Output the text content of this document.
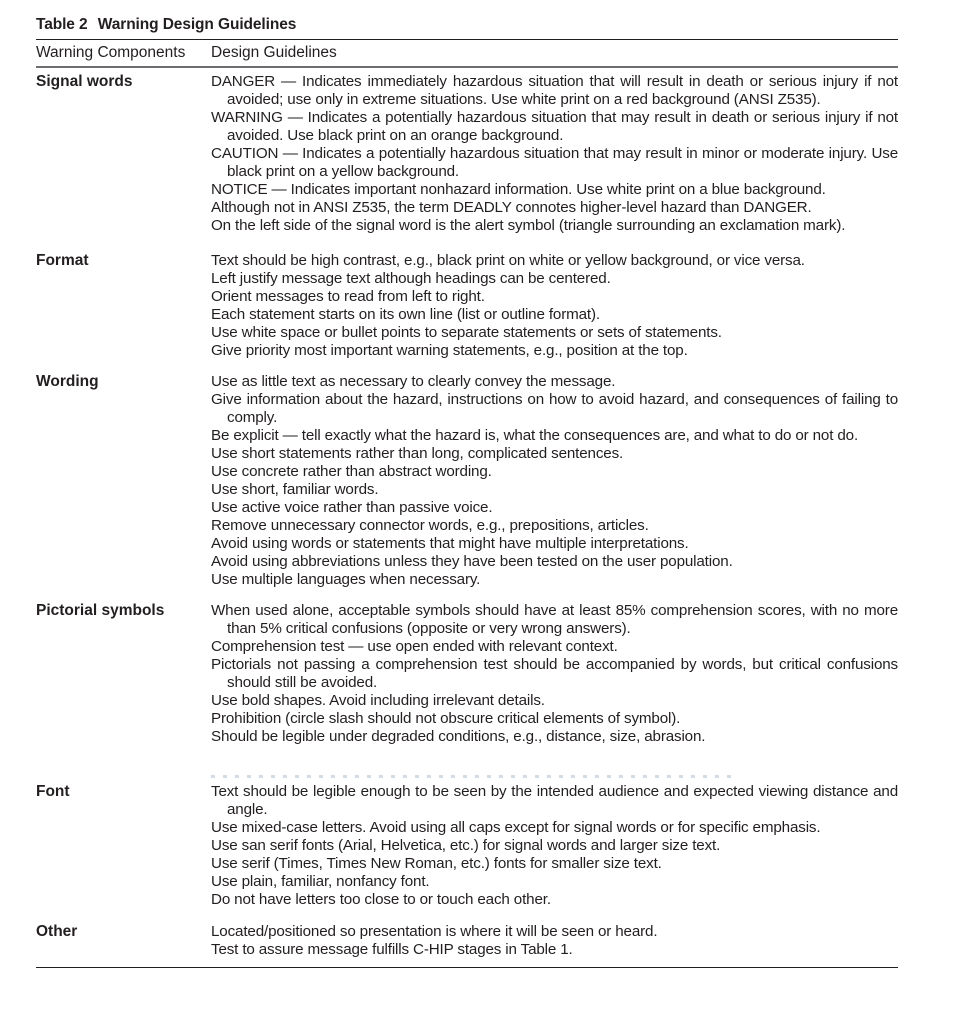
Table 2 Warning Design Guidelines
Warning Components	Design Guidelines
Signal words	DANGER — Indicates immediately hazardous situation that will result in death or serious injury if not avoided; use only in extreme situations. Use white print on a red background (ANSI Z535).
WARNING — Indicates a potentially hazardous situation that may result in death or serious injury if not avoided. Use black print on an orange background.
CAUTION — Indicates a potentially hazardous situation that may result in minor or moderate injury. Use black print on a yellow background.
NOTICE — Indicates important nonhazard information. Use white print on a blue background.
Although not in ANSI Z535, the term DEADLY connotes higher-level hazard than DANGER.
On the left side of the signal word is the alert symbol (triangle surrounding an exclamation mark).
Format	Text should be high contrast, e.g., black print on white or yellow background, or vice versa.
Left justify message text although headings can be centered.
Orient messages to read from left to right.
Each statement starts on its own line (list or outline format).
Use white space or bullet points to separate statements or sets of statements.
Give priority most important warning statements, e.g., position at the top.
Wording	Use as little text as necessary to clearly convey the message.
Give information about the hazard, instructions on how to avoid hazard, and consequences of failing to comply.
Be explicit — tell exactly what the hazard is, what the consequences are, and what to do or not do.
Use short statements rather than long, complicated sentences.
Use concrete rather than abstract wording.
Use short, familiar words.
Use active voice rather than passive voice.
Remove unnecessary connector words, e.g., prepositions, articles.
Avoid using words or statements that might have multiple interpretations.
Avoid using abbreviations unless they have been tested on the user population.
Use multiple languages when necessary.
Pictorial symbols	When used alone, acceptable symbols should have at least 85% comprehension scores, with no more than 5% critical confusions (opposite or very wrong answers).
Comprehension test — use open ended with relevant context.
Pictorials not passing a comprehension test should be accompanied by words, but critical confusions should still be avoided.
Use bold shapes. Avoid including irrelevant details.
Prohibition (circle slash should not obscure critical elements of symbol).
Should be legible under degraded conditions, e.g., distance, size, abrasion.
Font	Text should be legible enough to be seen by the intended audience and expected viewing distance and angle.
Use mixed-case letters. Avoid using all caps except for signal words or for specific emphasis.
Use san serif fonts (Arial, Helvetica, etc.) for signal words and larger size text.
Use serif (Times, Times New Roman, etc.) fonts for smaller size text.
Use plain, familiar, nonfancy font.
Do not have letters too close to or touch each other.
Other	Located/positioned so presentation is where it will be seen or heard.
Test to assure message fulfills C-HIP stages in Table 1.
